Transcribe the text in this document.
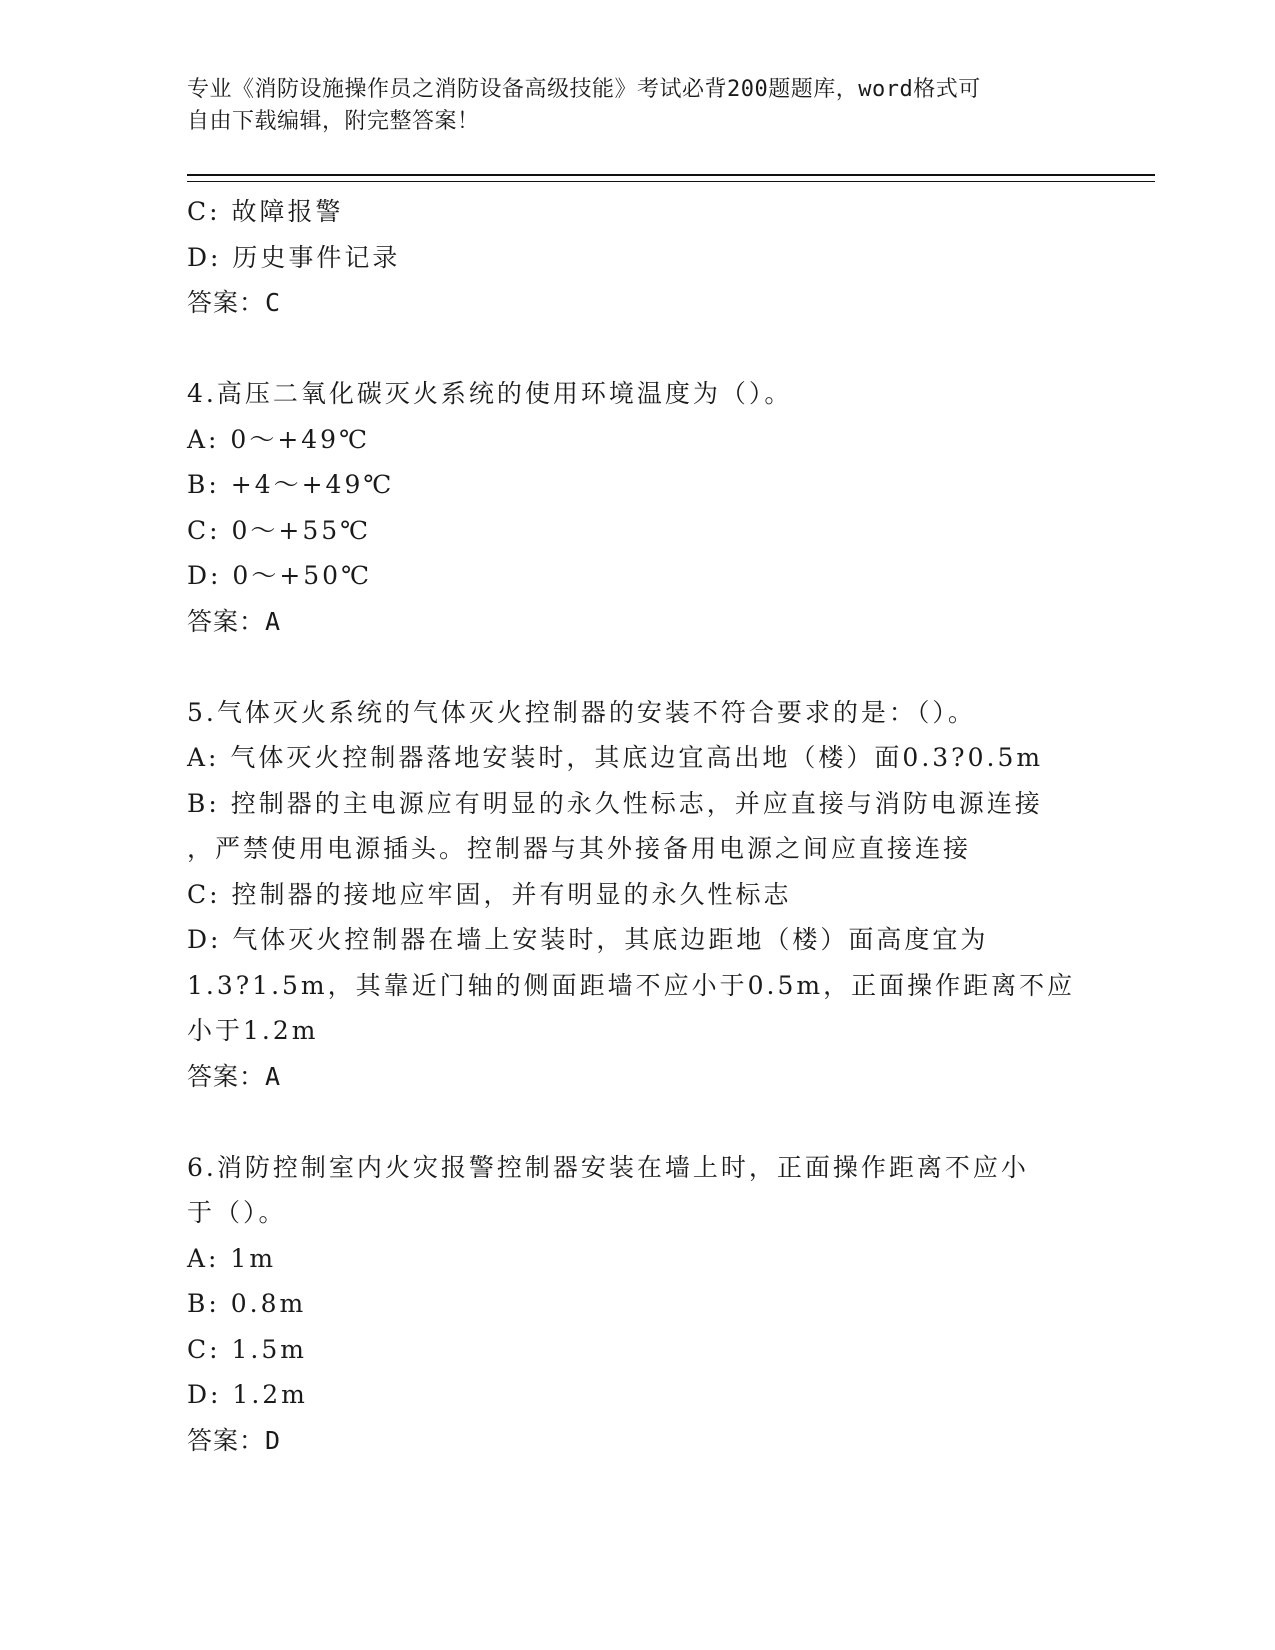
专业《消防设施操作员之消防设备高级技能》考试必背200题题库，word格式可
自由下载编辑，附完整答案！
C: 故障报警
D: 历史事件记录
答案：C
4.高压二氧化碳灭火系统的使用环境温度为（）。
A: 0～+49℃
B: +4～+49℃
C: 0～+55℃
D: 0～+50℃
答案：A
5.气体灭火系统的气体灭火控制器的安装不符合要求的是：（）。
A: 气体灭火控制器落地安装时，其底边宜高出地（楼）面0.3?0.5m
B: 控制器的主电源应有明显的永久性标志，并应直接与消防电源连接
，严禁使用电源插头。控制器与其外接备用电源之间应直接连接
C: 控制器的接地应牢固，并有明显的永久性标志
D: 气体灭火控制器在墙上安装时，其底边距地（楼）面高度宜为
1.3?1.5m，其靠近门轴的侧面距墙不应小于0.5m，正面操作距离不应
小于1.2m
答案：A
6.消防控制室内火灾报警控制器安装在墙上时，正面操作距离不应小
于（）。
A: 1m
B: 0.8m
C: 1.5m
D: 1.2m
答案：D
